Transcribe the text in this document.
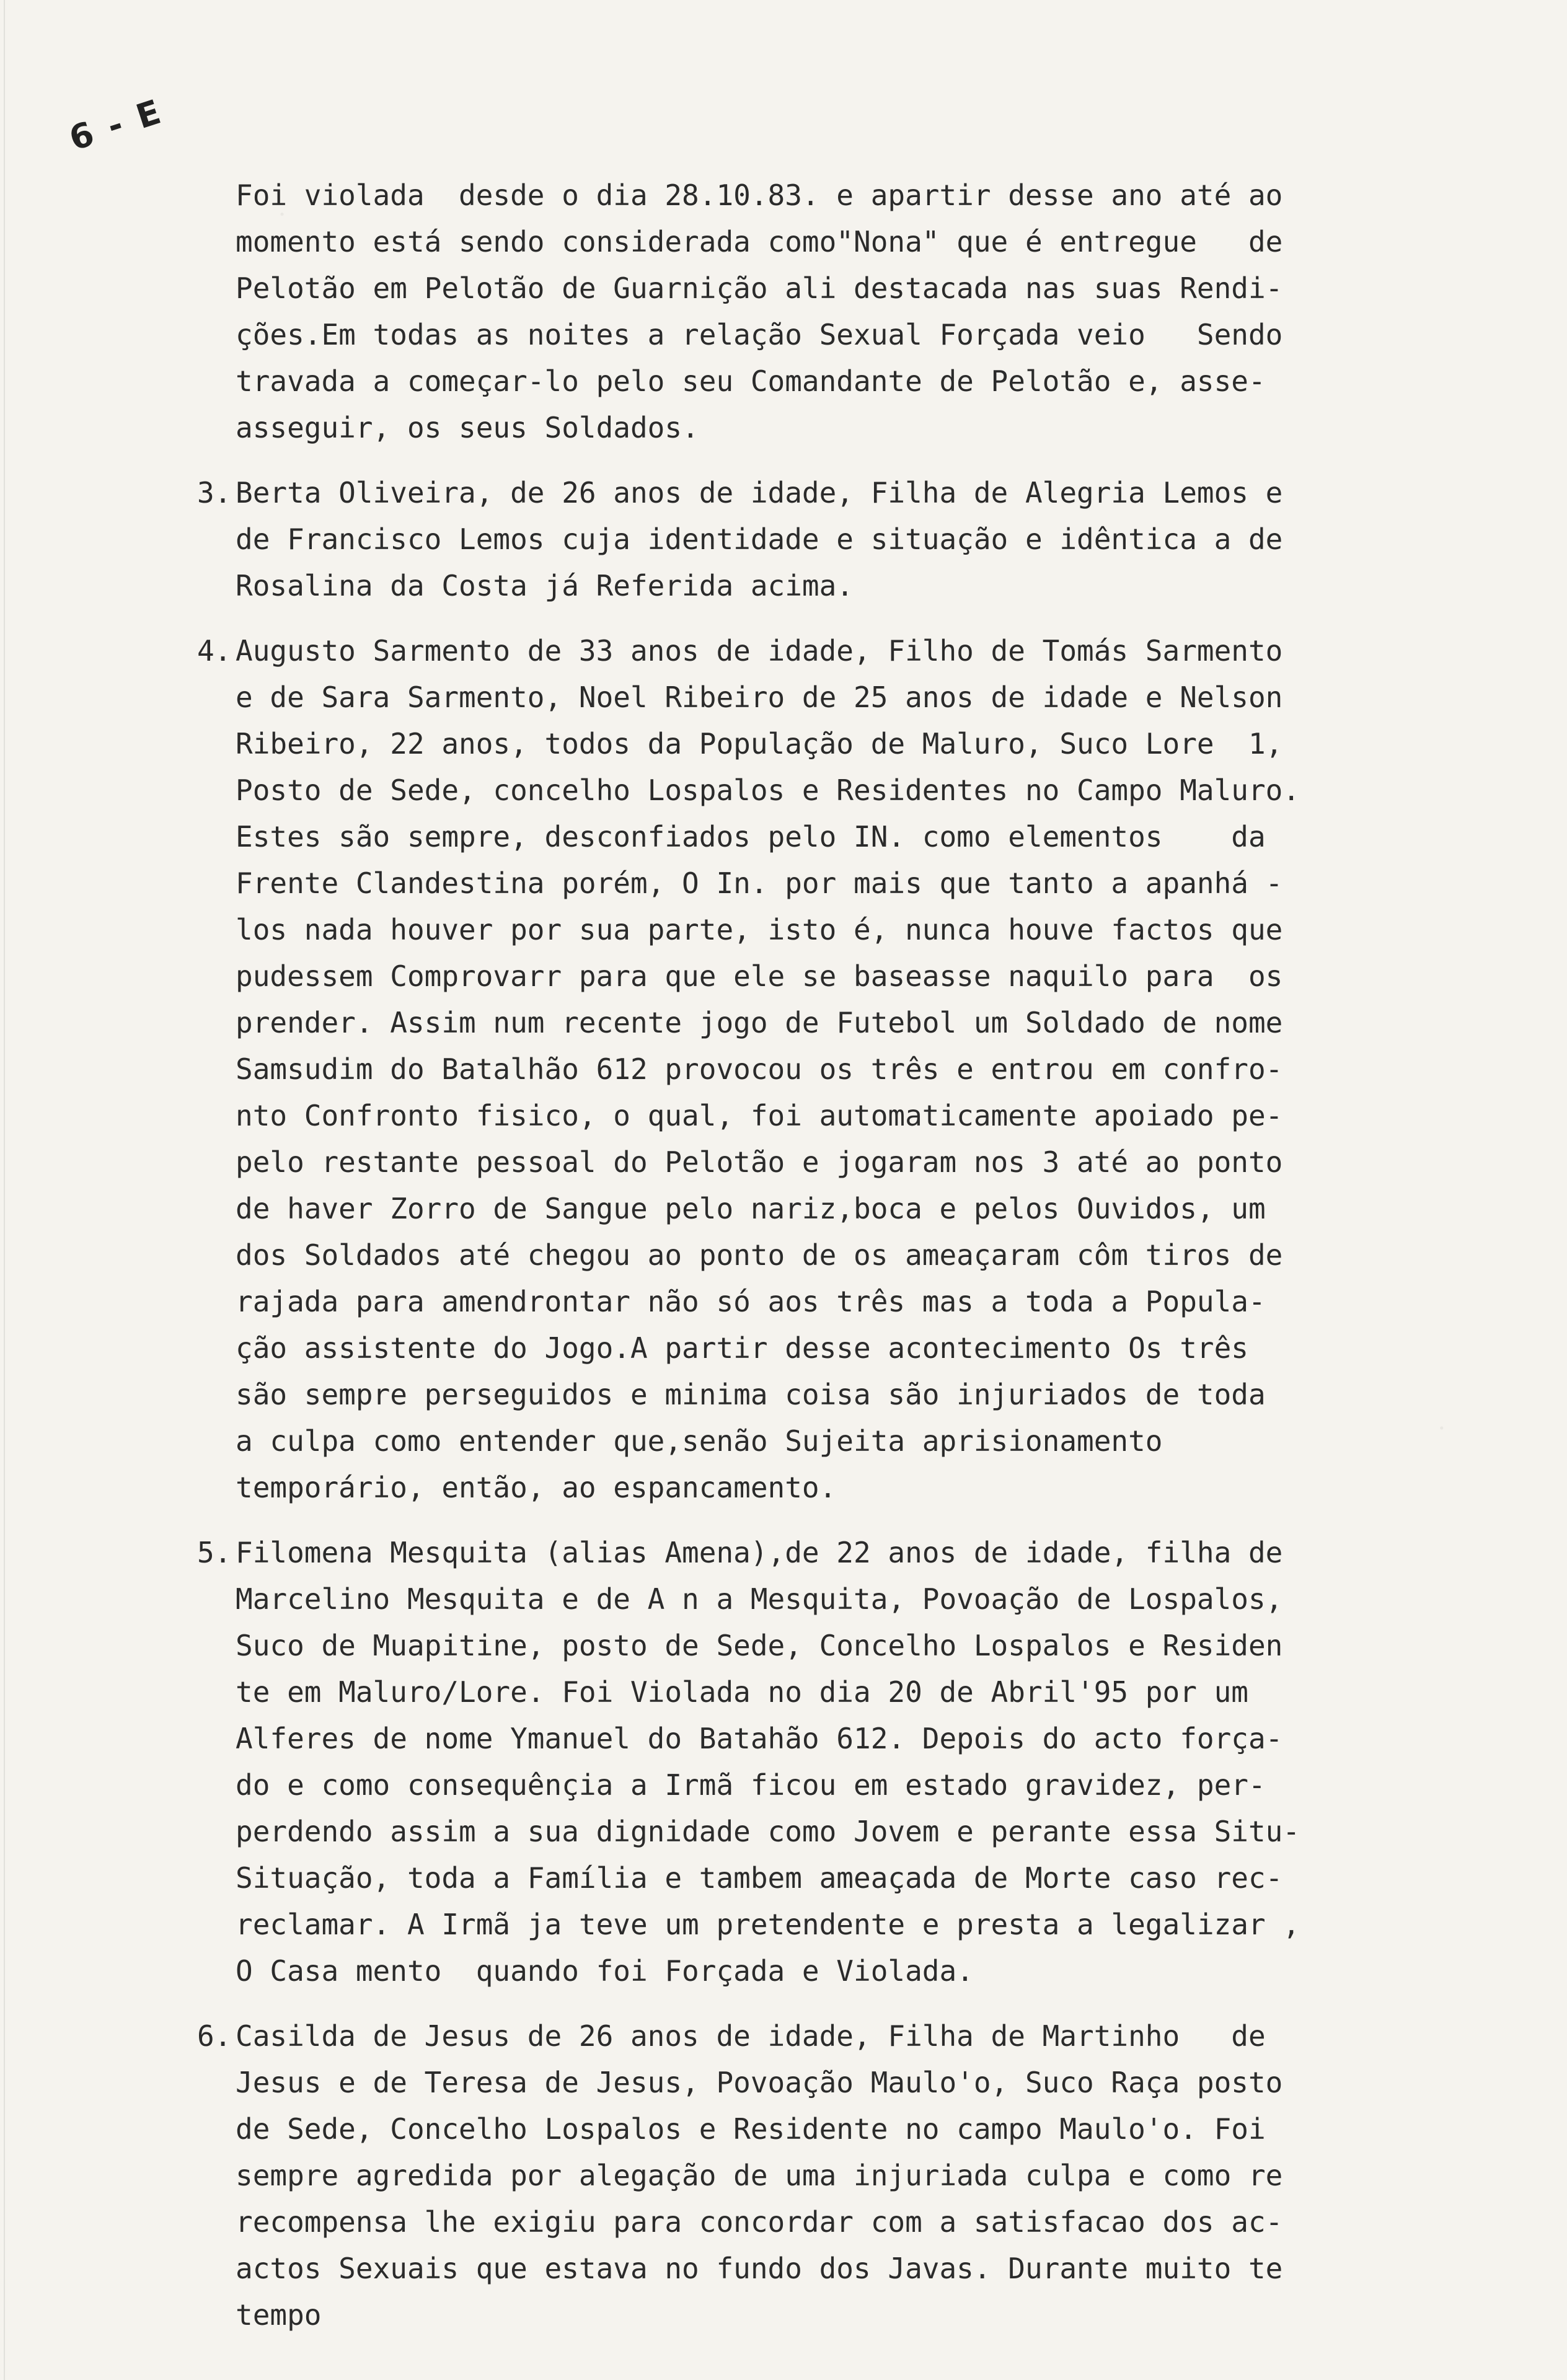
6 - E
Foi violada  desde o dia 28.10.83. e apartir desse ano até ao
momento está sendo considerada como"Nona" que é entregue   de
Pelotão em Pelotão de Guarnição ali destacada nas suas Rendi-
ções.Em todas as noites a relação Sexual Forçada veio   Sendo
travada a começar-lo pelo seu Comandante de Pelotão e, asse-
asseguir, os seus Soldados.
3. Berta Oliveira, de 26 anos de idade, Filha de Alegria Lemos e
de Francisco Lemos cuja identidade e situação e idêntica a de
Rosalina da Costa já Referida acima.
4. Augusto Sarmento de 33 anos de idade, Filho de Tomás Sarmento
e de Sara Sarmento, Noel Ribeiro de 25 anos de idade e Nelson
Ribeiro, 22 anos, todos da População de Maluro, Suco Lore  1,
Posto de Sede, concelho Lospalos e Residentes no Campo Maluro.
Estes são sempre, desconfiados pelo IN. como elementos    da
Frente Clandestina porém, O In. por mais que tanto a apanhá -
los nada houver por sua parte, isto é, nunca houve factos que
pudessem Comprovarr para que ele se baseasse naquilo para  os
prender. Assim num recente jogo de Futebol um Soldado de nome
Samsudim do Batalhão 612 provocou os três e entrou em confro-
nto Confronto fisico, o qual, foi automaticamente apoiado pe-
pelo restante pessoal do Pelotão e jogaram nos 3 até ao ponto
de haver Zorro de Sangue pelo nariz,boca e pelos Ouvidos, um
dos Soldados até chegou ao ponto de os ameaçaram côm tiros de
rajada para amendrontar não só aos três mas a toda a Popula-
ção assistente do Jogo.A partir desse acontecimento Os três
são sempre perseguidos e minima coisa são injuriados de toda
a culpa como entender que,senão Sujeita aprisionamento
temporário, então, ao espancamento.
5. Filomena Mesquita (alias Amena),de 22 anos de idade, filha de
Marcelino Mesquita e de A n a Mesquita, Povoação de Lospalos,
Suco de Muapitine, posto de Sede, Concelho Lospalos e Residen
te em Maluro/Lore. Foi Violada no dia 20 de Abril'95 por um
Alferes de nome Ymanuel do Batahão 612. Depois do acto força-
do e como consequênçia a Irmã ficou em estado gravidez, per-
perdendo assim a sua dignidade como Jovem e perante essa Situ-
Situação, toda a Família e tambem ameaçada de Morte caso rec-
reclamar. A Irmã ja teve um pretendente e presta a legalizar ,
O Casa mento  quando foi Forçada e Violada.
6. Casilda de Jesus de 26 anos de idade, Filha de Martinho   de
Jesus e de Teresa de Jesus, Povoação Maulo'o, Suco Raça posto
de Sede, Concelho Lospalos e Residente no campo Maulo'o. Foi
sempre agredida por alegação de uma injuriada culpa e como re
recompensa lhe exigiu para concordar com a satisfacao dos ac-
actos Sexuais que estava no fundo dos Javas. Durante muito te
tempo
